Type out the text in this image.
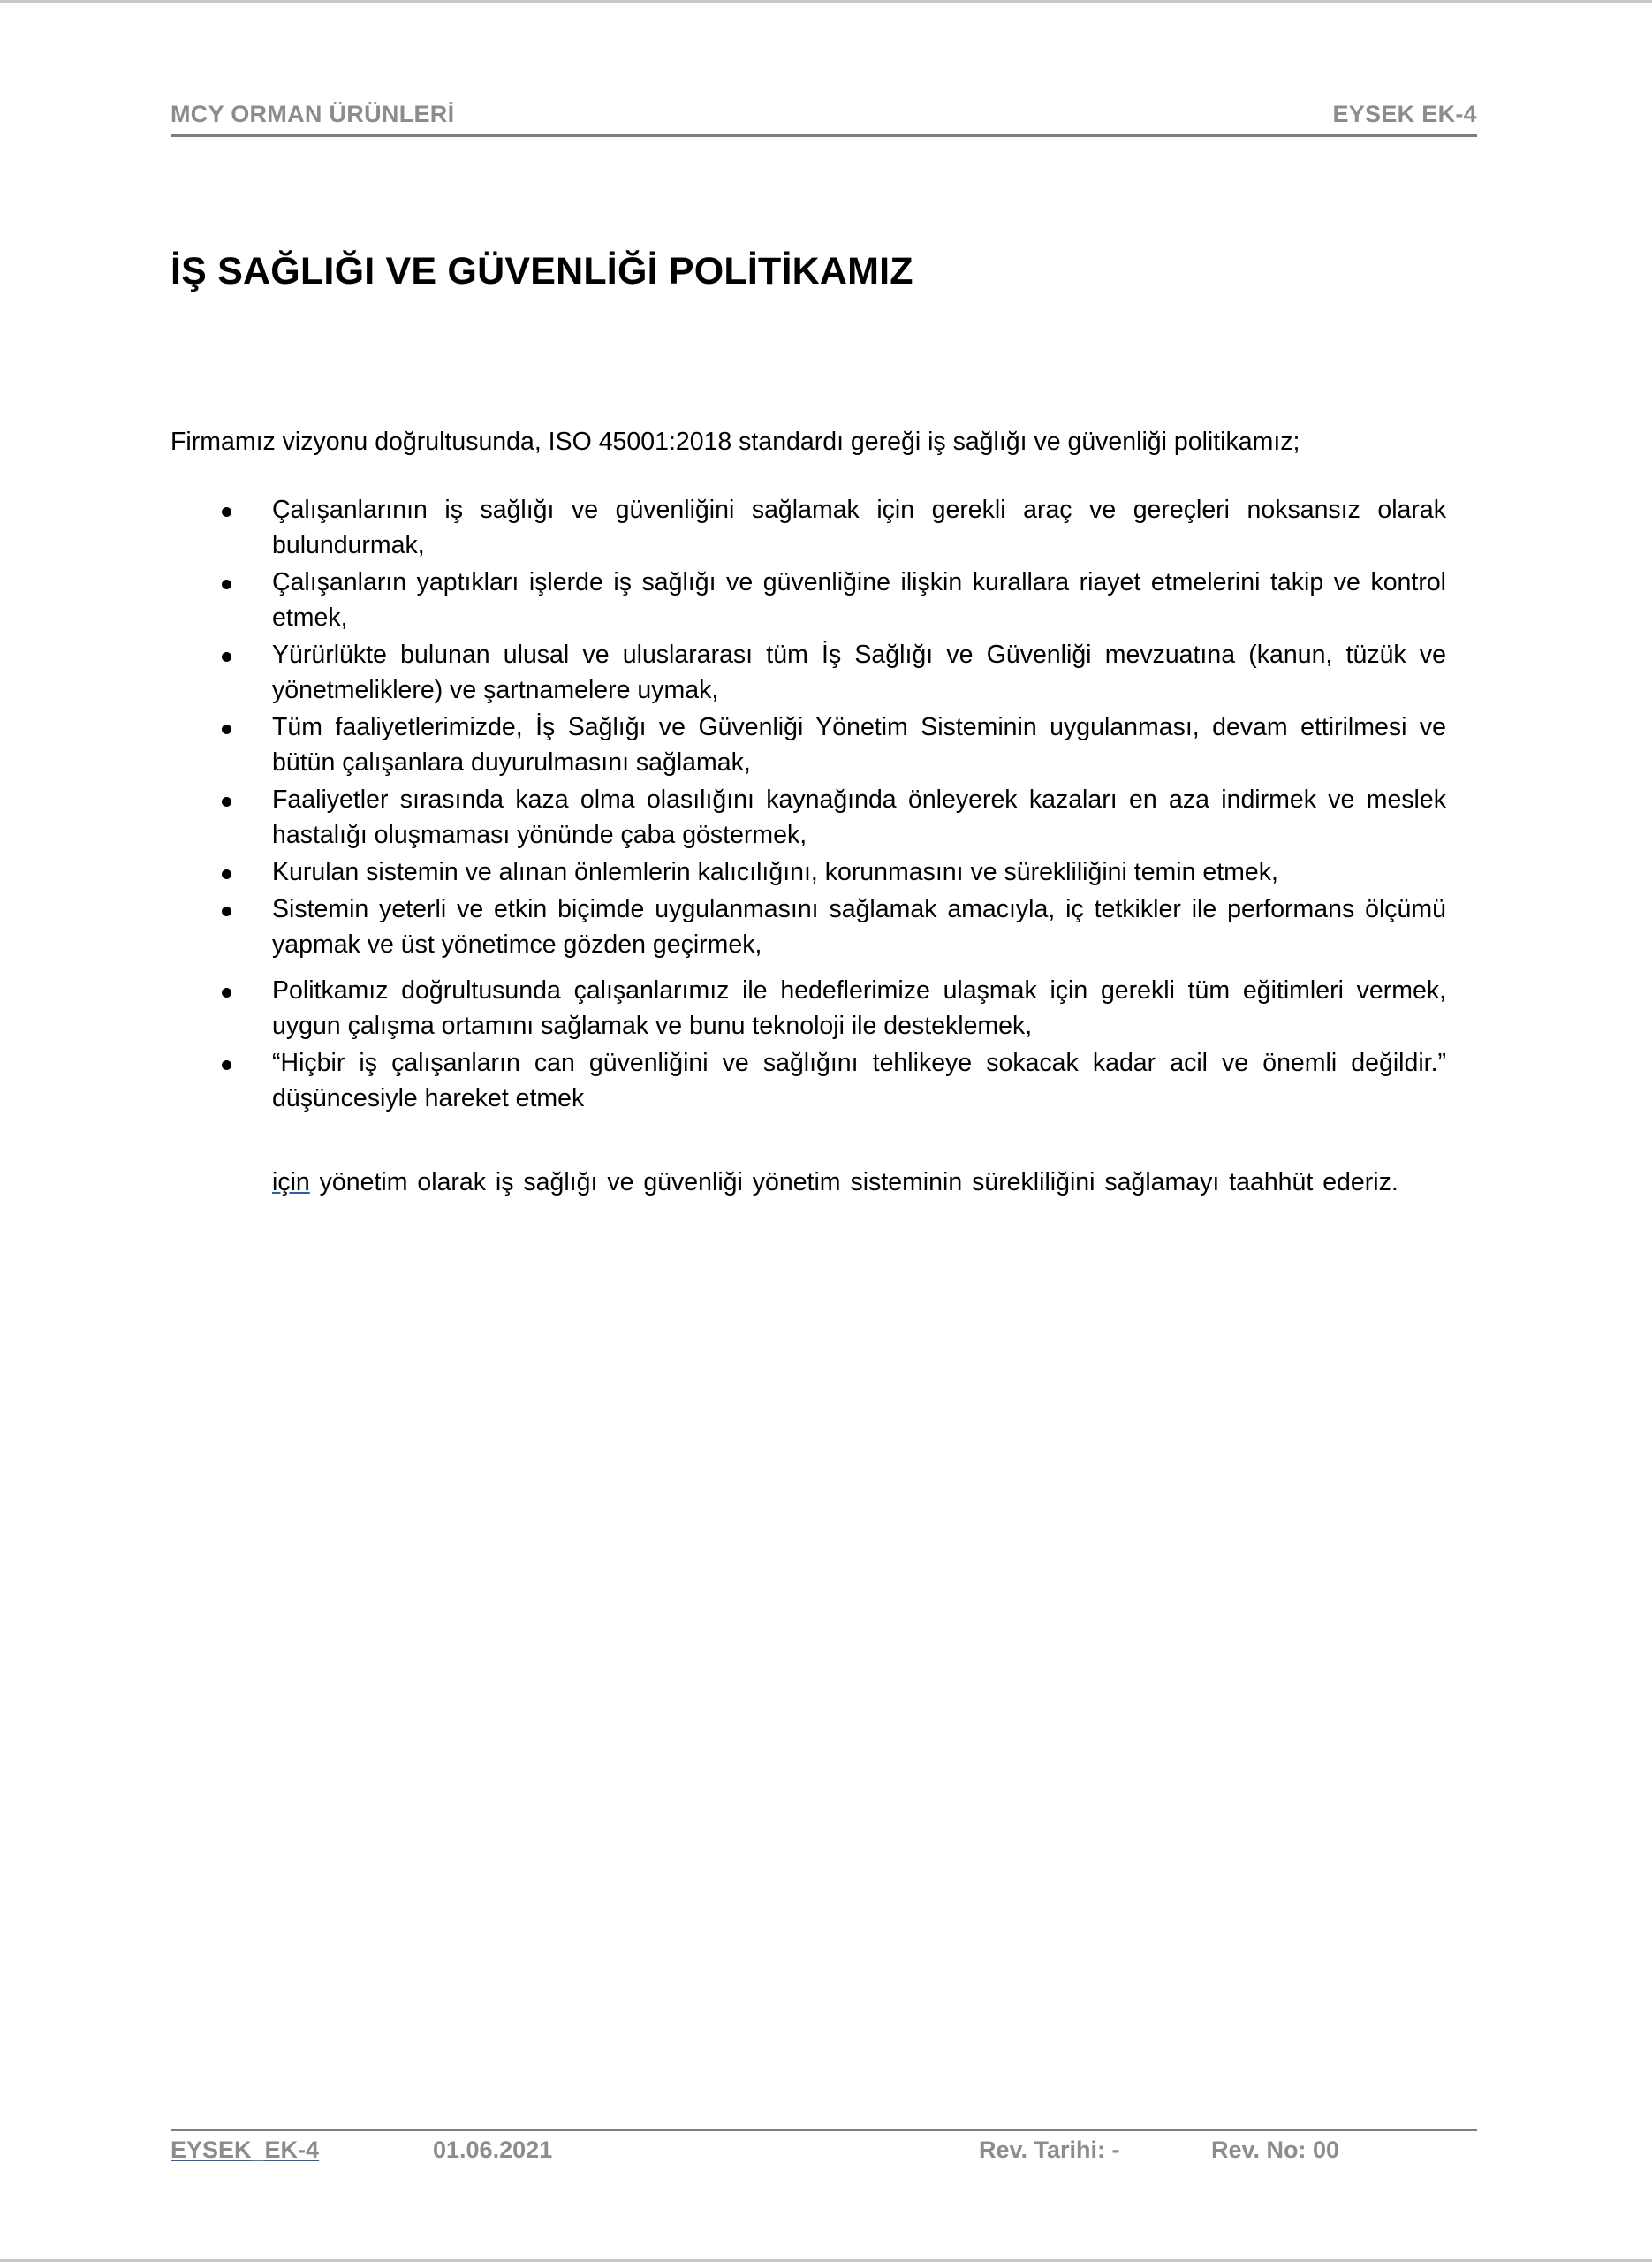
MCY ORMAN ÜRÜNLERİ	EYSEK EK-4
İŞ SAĞLIĞI VE GÜVENLİĞİ POLİTİKAMIZ
Firmamız vizyonu doğrultusunda, ISO 45001:2018 standardı gereği iş sağlığı ve güvenliği politikamız;
Çalışanlarının iş sağlığı ve güvenliğini sağlamak için gerekli araç ve gereçleri noksansız olarak bulundurmak,
Çalışanların yaptıkları işlerde iş sağlığı ve güvenliğine ilişkin kurallara riayet etmelerini takip ve kontrol etmek,
Yürürlükte bulunan ulusal ve uluslararası tüm İş Sağlığı ve Güvenliği mevzuatına (kanun, tüzük ve yönetmeliklere) ve şartnamelere uymak,
Tüm faaliyetlerimizde, İş Sağlığı ve Güvenliği Yönetim Sisteminin uygulanması, devam ettirilmesi ve bütün çalışanlara duyurulmasını sağlamak,
Faaliyetler sırasında kaza olma olasılığını kaynağında önleyerek kazaları en aza indirmek ve meslek hastalığı oluşmaması yönünde çaba göstermek,
Kurulan sistemin ve alınan önlemlerin kalıcılığını, korunmasını ve sürekliliğini temin etmek,
Sistemin yeterli ve etkin biçimde uygulanmasını sağlamak amacıyla, iç tetkikler ile performans ölçümü yapmak ve üst yönetimce gözden geçirmek,
Politkamız doğrultusunda çalışanlarımız ile hedeflerimize ulaşmak için gerekli tüm eğitimleri vermek, uygun çalışma ortamını sağlamak ve bunu teknoloji ile desteklemek,
“Hiçbir iş çalışanların can güvenliğini ve sağlığını tehlikeye sokacak kadar acil ve önemli değildir.” düşüncesiyle hareket etmek
için yönetim olarak iş sağlığı ve güvenliği yönetim sisteminin sürekliliğini sağlamayı taahhüt ederiz.
EYSEK_EK-4	01.06.2021	Rev. Tarihi: -	Rev. No: 00
